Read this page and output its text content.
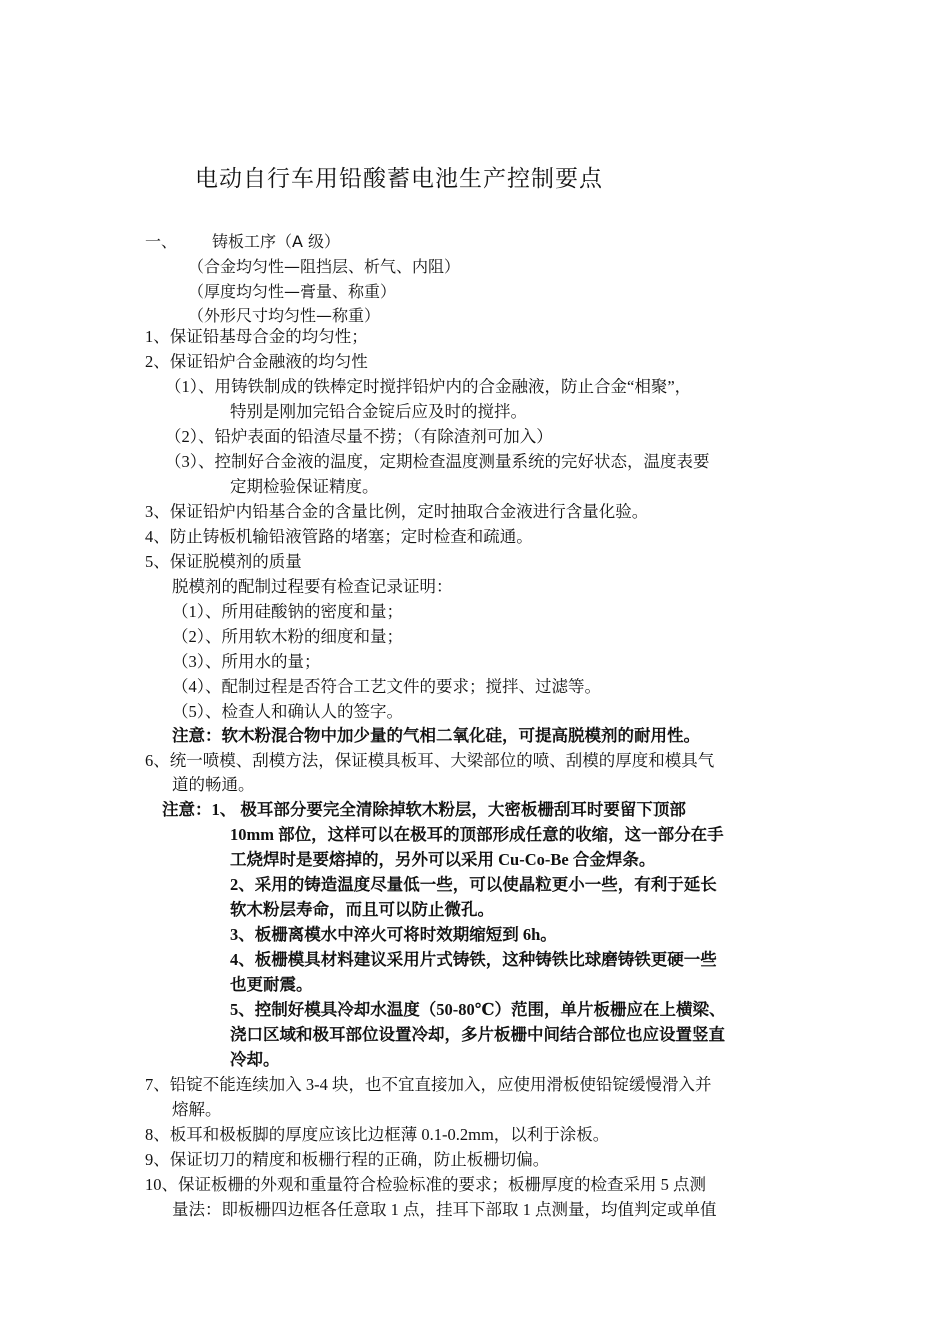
电动自行车用铅酸蓄电池生产控制要点
一、 铸板工序（A 级）
（合金均匀性—阻挡层、析气、内阻）
（厚度均匀性—膏量、称重）
（外形尺寸均匀性—称重）
1、保证铅基母合金的均匀性；
2、保证铅炉合金融液的均匀性
（1）、用铸铁制成的铁棒定时搅拌铅炉内的合金融液，防止合金“相聚”，
特别是刚加完铅合金锭后应及时的搅拌。
（2）、铅炉表面的铅渣尽量不捞；（有除渣剂可加入）
（3）、控制好合金液的温度，定期检查温度测量系统的完好状态，温度表要
定期检验保证精度。
3、保证铅炉内铅基合金的含量比例，定时抽取合金液进行含量化验。
4、防止铸板机输铅液管路的堵塞；定时检查和疏通。
5、保证脱模剂的质量
脱模剂的配制过程要有检查记录证明：
（1）、所用硅酸钠的密度和量；
（2）、所用软木粉的细度和量；
（3）、所用水的量；
（4）、配制过程是否符合工艺文件的要求；搅拌、过滤等。
（5）、检查人和确认人的签字。
注意：软木粉混合物中加少量的气相二氧化硅，可提高脱模剂的耐用性。
6、统一喷模、刮模方法，保证模具板耳、大梁部位的喷、刮模的厚度和模具气
道的畅通。
注意：1、 极耳部分要完全清除掉软木粉层，大密板栅刮耳时要留下顶部
10mm 部位，这样可以在极耳的顶部形成任意的收缩，这一部分在手
工烧焊时是要熔掉的，另外可以采用 Cu-Co-Be 合金焊条。
2、采用的铸造温度尽量低一些，可以使晶粒更小一些，有利于延长
软木粉层寿命，而且可以防止微孔。
3、板栅离模水中淬火可将时效期缩短到 6h。
4、板栅模具材料建议采用片式铸铁，这种铸铁比球磨铸铁更硬一些
也更耐震。
5、控制好模具冷却水温度（50-80℃）范围，单片板栅应在上横梁、
浇口区域和极耳部位设置冷却，多片板栅中间结合部位也应设置竖直
冷却。
7、铅锭不能连续加入 3-4 块，也不宜直接加入，应使用滑板使铅锭缓慢滑入并
熔解。
8、板耳和极板脚的厚度应该比边框薄 0.1-0.2mm，以利于涂板。
9、保证切刀的精度和板栅行程的正确，防止板栅切偏。
10、保证板栅的外观和重量符合检验标准的要求；板栅厚度的检查采用 5 点测
量法：即板栅四边框各任意取 1 点，挂耳下部取 1 点测量，均值判定或单值
